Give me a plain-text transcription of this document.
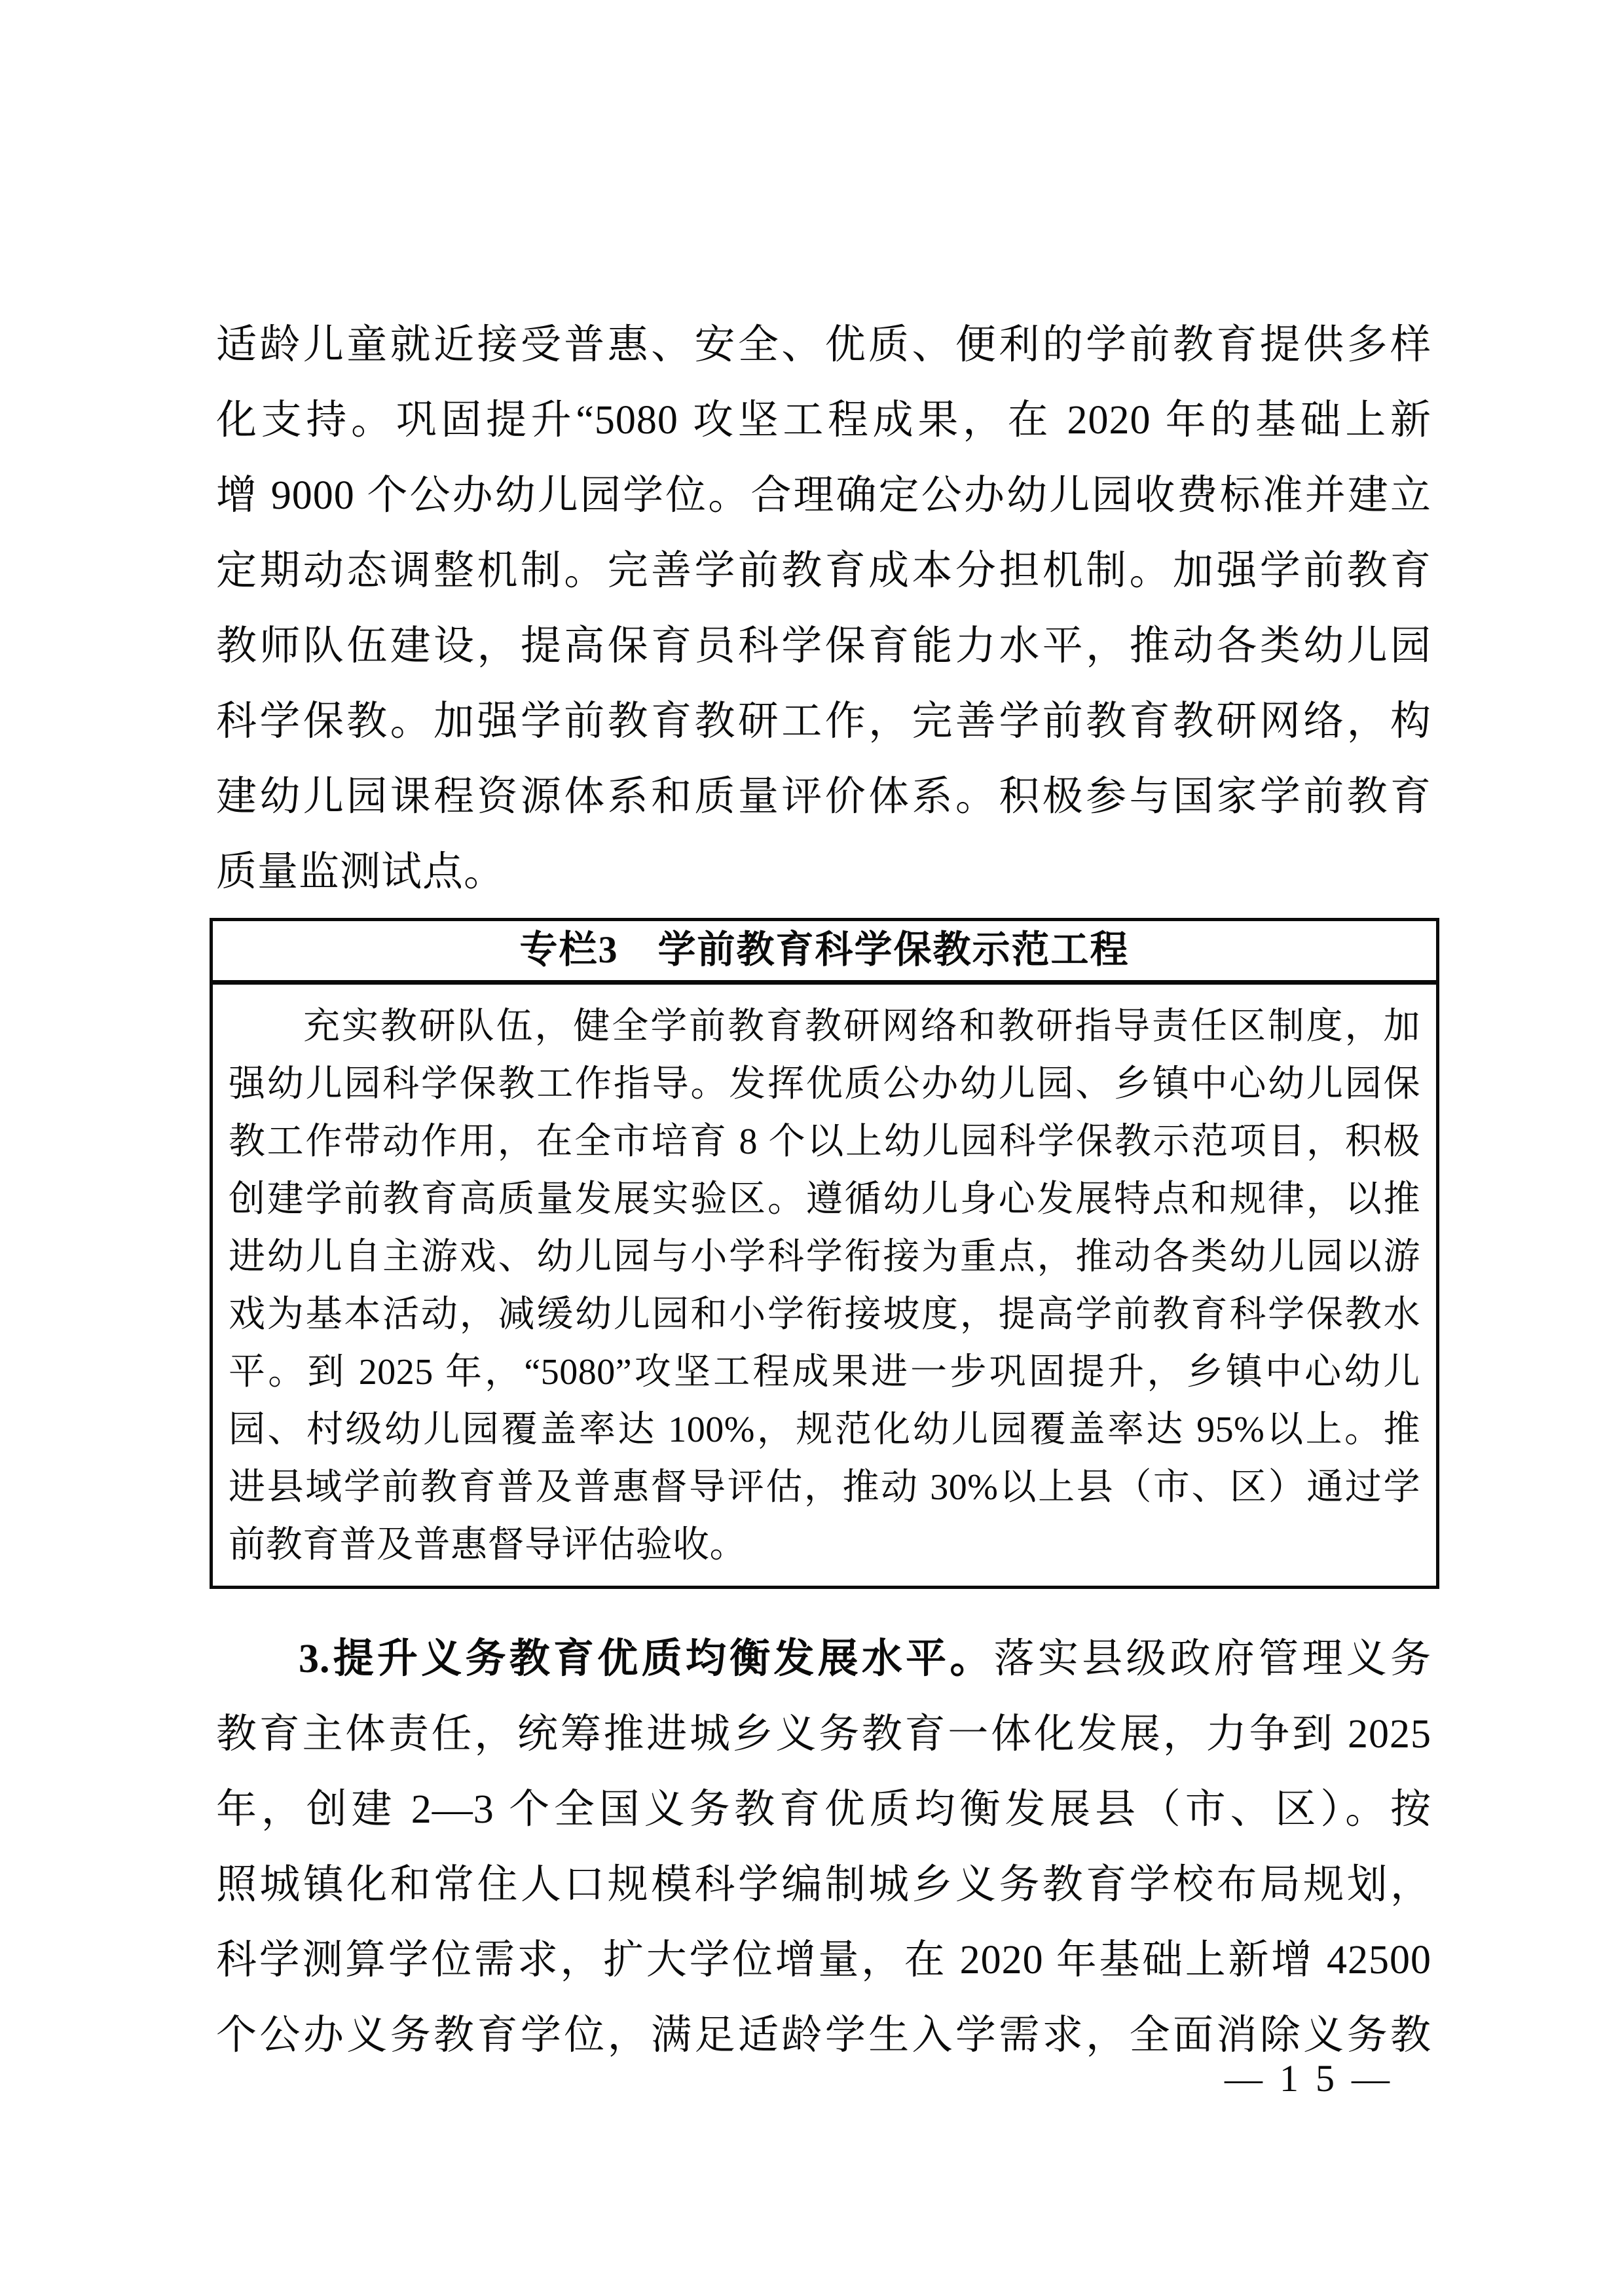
适龄儿童就近接受普惠、安全、优质、便利的学前教育提供多样
化支持。巩固提升“5080 攻坚工程成果，在 2020 年的基础上新
增 9000 个公办幼儿园学位。合理确定公办幼儿园收费标准并建立
定期动态调整机制。完善学前教育成本分担机制。加强学前教育
教师队伍建设，提高保育员科学保育能力水平，推动各类幼儿园
科学保教。加强学前教育教研工作，完善学前教育教研网络，构
建幼儿园课程资源体系和质量评价体系。积极参与国家学前教育
质量监测试点。
专栏3　学前教育科学保教示范工程
充实教研队伍，健全学前教育教研网络和教研指导责任区制度，加
强幼儿园科学保教工作指导。发挥优质公办幼儿园、乡镇中心幼儿园保
教工作带动作用，在全市培育 8 个以上幼儿园科学保教示范项目，积极
创建学前教育高质量发展实验区。遵循幼儿身心发展特点和规律，以推
进幼儿自主游戏、幼儿园与小学科学衔接为重点，推动各类幼儿园以游
戏为基本活动，减缓幼儿园和小学衔接坡度，提高学前教育科学保教水
平。到 2025 年，“5080”攻坚工程成果进一步巩固提升，乡镇中心幼儿
园、村级幼儿园覆盖率达 100%，规范化幼儿园覆盖率达 95%以上。推
进县域学前教育普及普惠督导评估，推动 30%以上县（市、区）通过学
前教育普及普惠督导评估验收。
3.提升义务教育优质均衡发展水平。落实县级政府管理义务
教育主体责任，统筹推进城乡义务教育一体化发展，力争到 2025
年，创建 2—3 个全国义务教育优质均衡发展县（市、区）。按
照城镇化和常住人口规模科学编制城乡义务教育学校布局规划，
科学测算学位需求，扩大学位增量，在 2020 年基础上新增 42500
个公办义务教育学位，满足适龄学生入学需求，全面消除义务教
—15—
